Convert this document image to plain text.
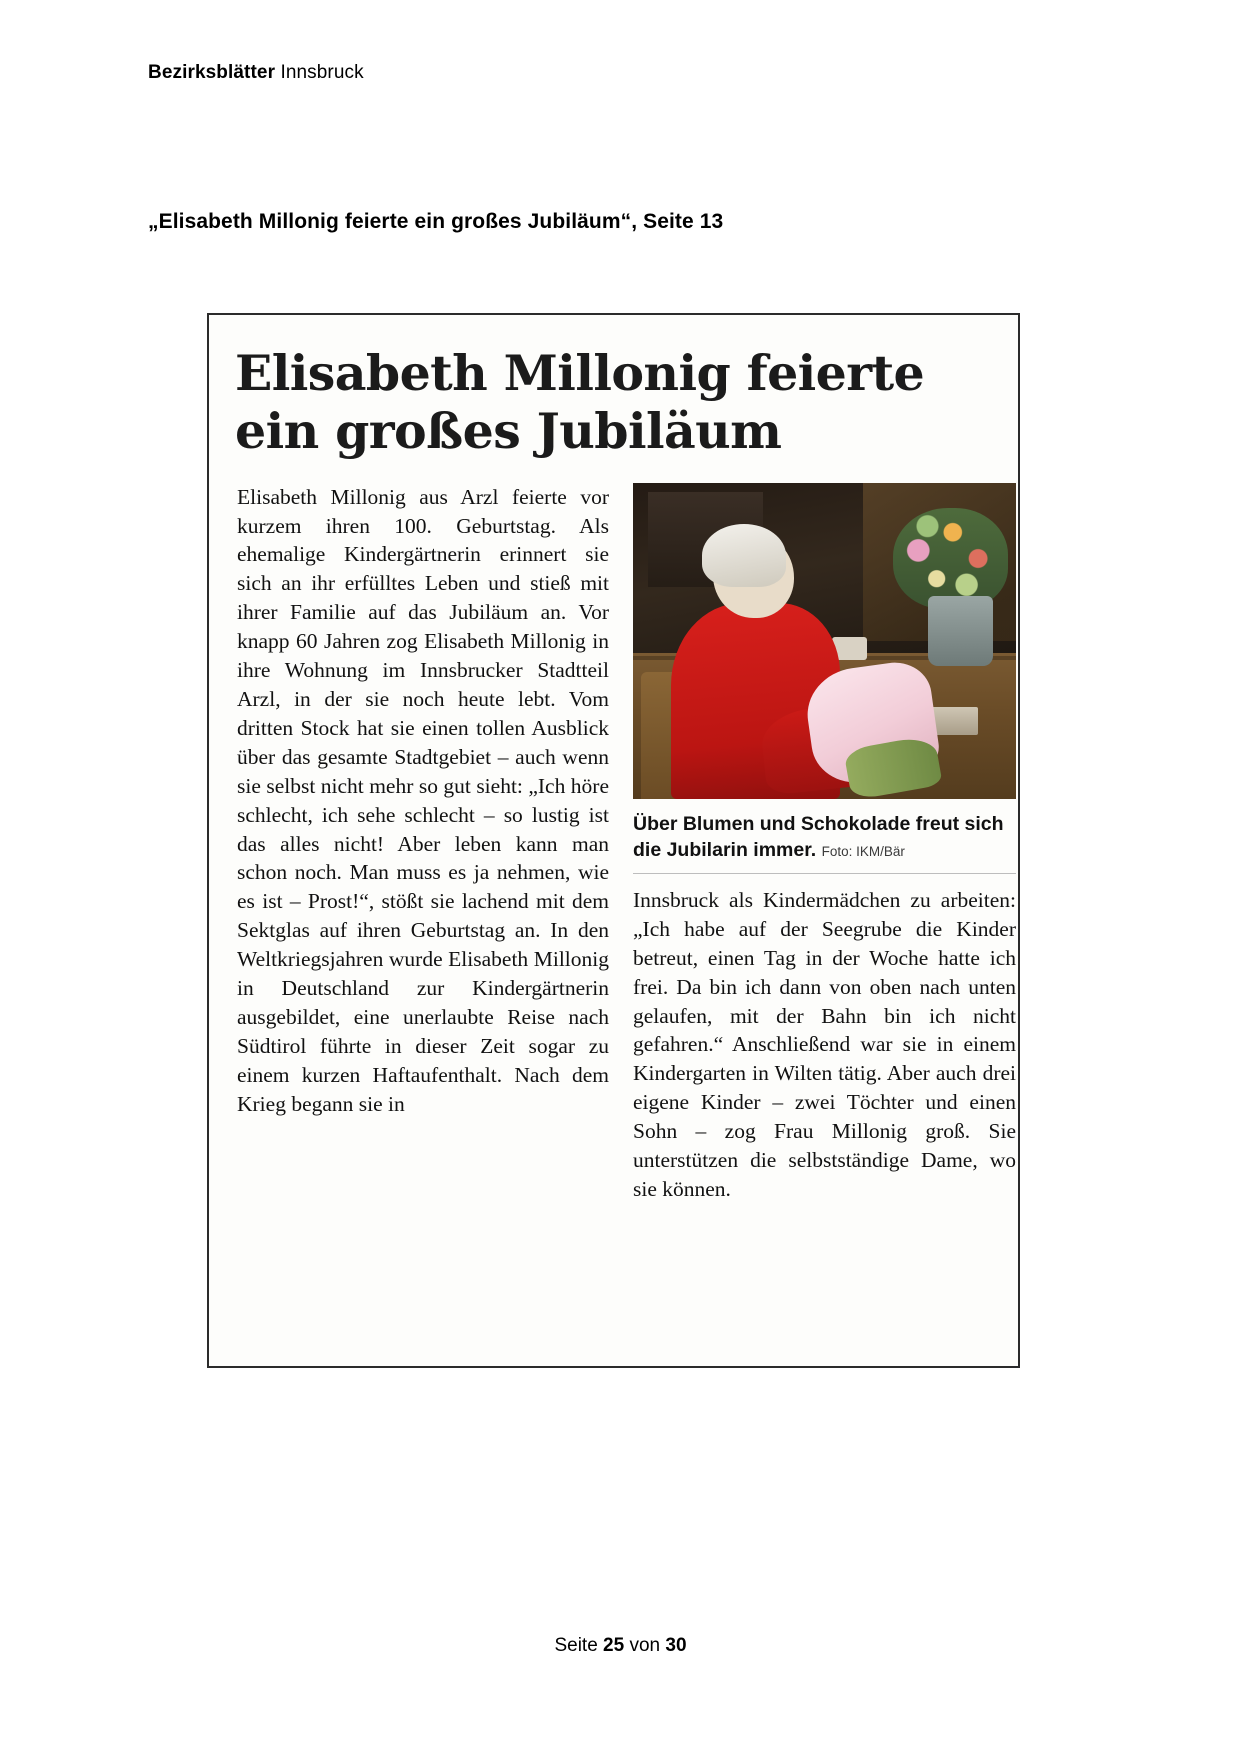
Bezirksblätter Innsbruck
„Elisabeth Millonig feierte ein großes Jubiläum“, Seite 13
Elisabeth Millonig feierte
ein großes Jubiläum
Elisabeth Millonig aus Arzl feierte vor kurzem ihren 100. Geburtstag. Als ehemalige Kindergärtnerin erinnert sie sich an ihr erfülltes Leben und stieß mit ihrer Familie auf das Jubiläum an. Vor knapp 60 Jahren zog Elisabeth Millonig in ihre Wohnung im Innsbrucker Stadtteil Arzl, in der sie noch heute lebt. Vom dritten Stock hat sie einen tollen Ausblick über das gesamte Stadtgebiet – auch wenn sie selbst nicht mehr so gut sieht: „Ich höre schlecht, ich sehe schlecht – so lustig ist das alles nicht! Aber leben kann man schon noch. Man muss es ja nehmen, wie es ist – Prost!“, stößt sie lachend mit dem Sektglas auf ihren Geburtstag an. In den Weltkriegsjahren wurde Elisabeth Millonig in Deutschland zur Kindergärtnerin ausgebildet, eine unerlaubte Reise nach Südtirol führte in dieser Zeit sogar zu einem kurzen Haftaufenthalt. Nach dem Krieg begann sie in
Über Blumen und Schokolade freut sich die Jubilarin immer. Foto: IKM/Bär
Innsbruck als Kindermädchen zu arbeiten: „Ich habe auf der Seegrube die Kinder betreut, einen Tag in der Woche hatte ich frei. Da bin ich dann von oben nach unten gelaufen, mit der Bahn bin ich nicht gefahren.“ Anschließend war sie in einem Kindergarten in Wilten tätig. Aber auch drei eigene Kinder – zwei Töchter und einen Sohn – zog Frau Millonig groß. Sie unterstützen die selbstständige Dame, wo sie können.
Seite 25 von 30
